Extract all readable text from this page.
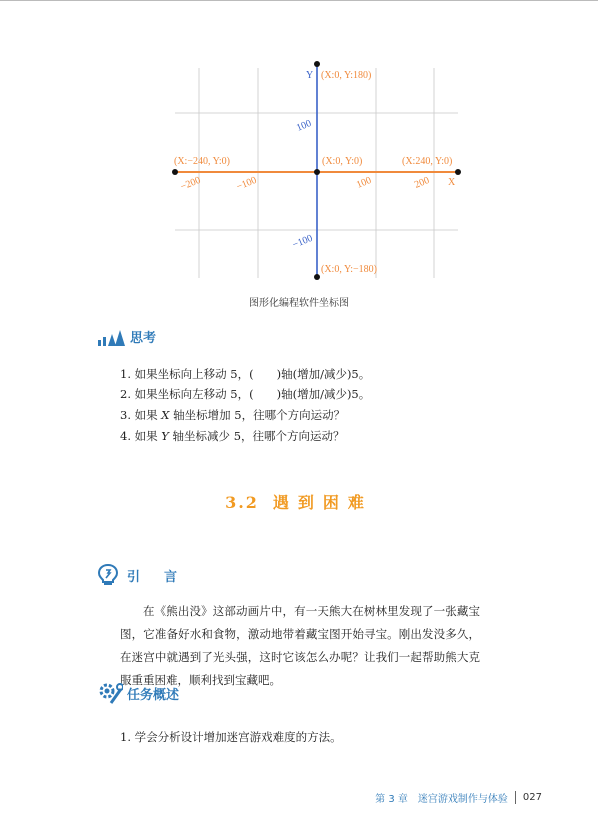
Y
X
(X:0, Y:180)
(X:0, Y:−180)
(X:−240, Y:0)	(X:0, Y:0)	(X:240, Y:0)
−200	−100	100	200
100
−100
图形化编程软件坐标图
思考
1. 如果坐标向上移动 5，(　　)轴(增加/减少)5。
2. 如果坐标向左移动 5，(　　)轴(增加/减少)5。
3. 如果 X 轴坐标增加 5，往哪个方向运动？
4. 如果 Y 轴坐标减少 5，往哪个方向运动？
3.2 遇到困难
引 言
在《熊出没》这部动画片中，有一天熊大在树林里发现了一张藏宝图，它准备好水和食物，激动地带着藏宝图开始寻宝。刚出发没多久，在迷宫中就遇到了光头强，这时它该怎么办呢？让我们一起帮助熊大克服重重困难，顺利找到宝藏吧。
任务概述
1. 学会分析设计增加迷宫游戏难度的方法。
第 3 章　迷宫游戏制作与体验 027
